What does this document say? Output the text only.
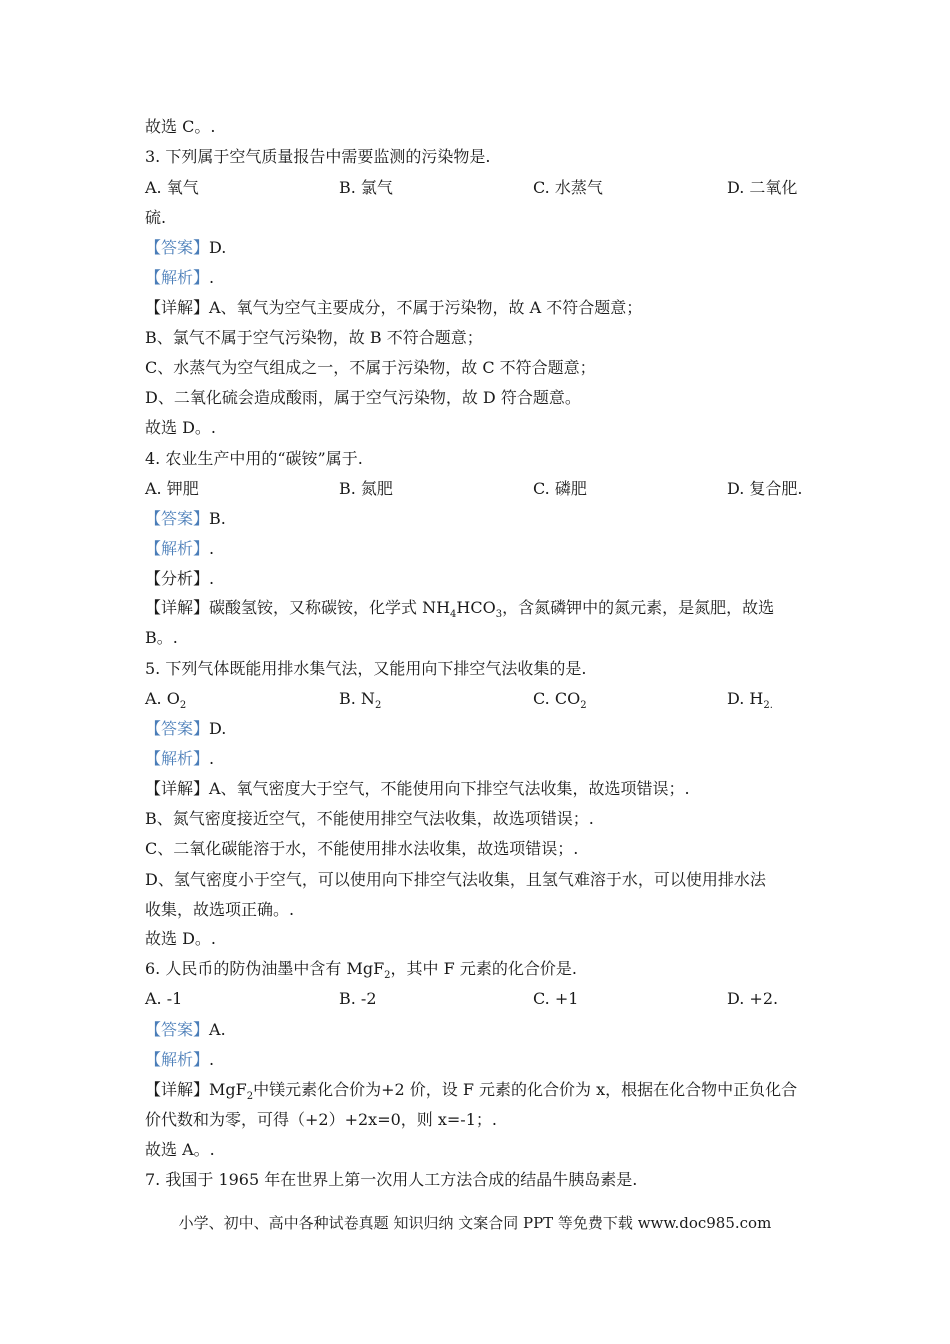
故选 C。.
3. 下列属于空气质量报告中需要监测的污染物是.
A. 氧气	B. 氯气	C. 水蒸气	D. 二氧化
硫.
【答案】D.
【解析】.
【详解】A、氧气为空气主要成分，不属于污染物，故 A 不符合题意；
B、氯气不属于空气污染物，故 B 不符合题意；
C、水蒸气为空气组成之一，不属于污染物，故 C 不符合题意；
D、二氧化硫会造成酸雨，属于空气污染物，故 D 符合题意。
故选 D。.
4. 农业生产中用的“碳铵”属于.
A. 钾肥	B. 氮肥	C. 磷肥	D. 复合肥.
【答案】B.
【解析】.
【分析】.
【详解】碳酸氢铵，又称碳铵，化学式 $NH_4HCO_3$，含氮磷钾中的氮元素，是氮肥，故选
B。.
5. 下列气体既能用排水集气法，又能用向下排空气法收集的是.
A. $O_2$	B. $N_2$	C. $CO_2$	D. $H_{2.}$
【答案】D.
【解析】.
【详解】A、氧气密度大于空气，不能使用向下排空气法收集，故选项错误；.
B、氮气密度接近空气，不能使用排空气法收集，故选项错误；.
C、二氧化碳能溶于水，不能使用排水法收集，故选项错误；.
D、氢气密度小于空气，可以使用向下排空气法收集，且氢气难溶于水，可以使用排水法
收集，故选项正确。.
故选 D。.
6. 人民币的防伪油墨中含有 MgF$_2$，其中 F 元素的化合价是.
A. -1	B. -2	C. +1	D. +2.
【答案】A.
【解析】.
【详解】MgF$_2$中镁元素化合价为+2 价，设 F 元素的化合价为 x，根据在化合物中正负化合
价代数和为零，可得（+2）+2x=0，则 x=-1；.
故选 A。.
7. 我国于 1965 年在世界上第一次用人工方法合成的结晶牛胰岛素是.
小学、初中、高中各种试卷真题 知识归纳 文案合同 PPT 等免费下载 www.doc985.com
